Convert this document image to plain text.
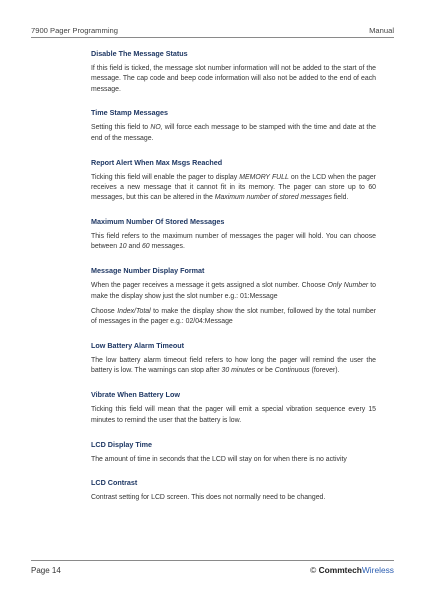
7900 Pager Programming	Manual
Disable The Message Status

If this field is ticked, the message slot number information will not be added to the start of the message. The cap code and beep code information will also not be added to the end of each message.

Time Stamp Messages

Setting this field to NO, will force each message to be stamped with the time and date at the end of the message.

Report Alert When Max Msgs Reached

Ticking this field will enable the pager to display MEMORY FULL on the LCD when the pager receives a new message that it cannot fit in its memory. The pager can store up to 60 messages, but this can be altered in the Maximum number of stored messages field.

Maximum Number Of Stored Messages

This field refers to the maximum number of messages the pager will hold. You can choose between 10 and 60 messages.

Message Number Display Format

When the pager receives a message it gets assigned a slot number. Choose Only Number to make the display show just the slot number e.g.: 01:Message

Choose Index/Total to make the display show the slot number, followed by the total number of messages in the pager e.g.: 02/04:Message

Low Battery Alarm Timeout

The low battery alarm timeout field refers to how long the pager will remind the user the battery is low. The warnings can stop after 30 minutes or be Continuous (forever).

Vibrate When Battery Low

Ticking this field will mean that the pager will emit a special vibration sequence every 15 minutes to remind the user that the battery is low.

LCD Display Time

The amount of time in seconds that the LCD will stay on for when there is no activity

LCD Contrast

Contrast setting for LCD screen. This does not normally need to be changed.

Page 14	© CommtechWireless
